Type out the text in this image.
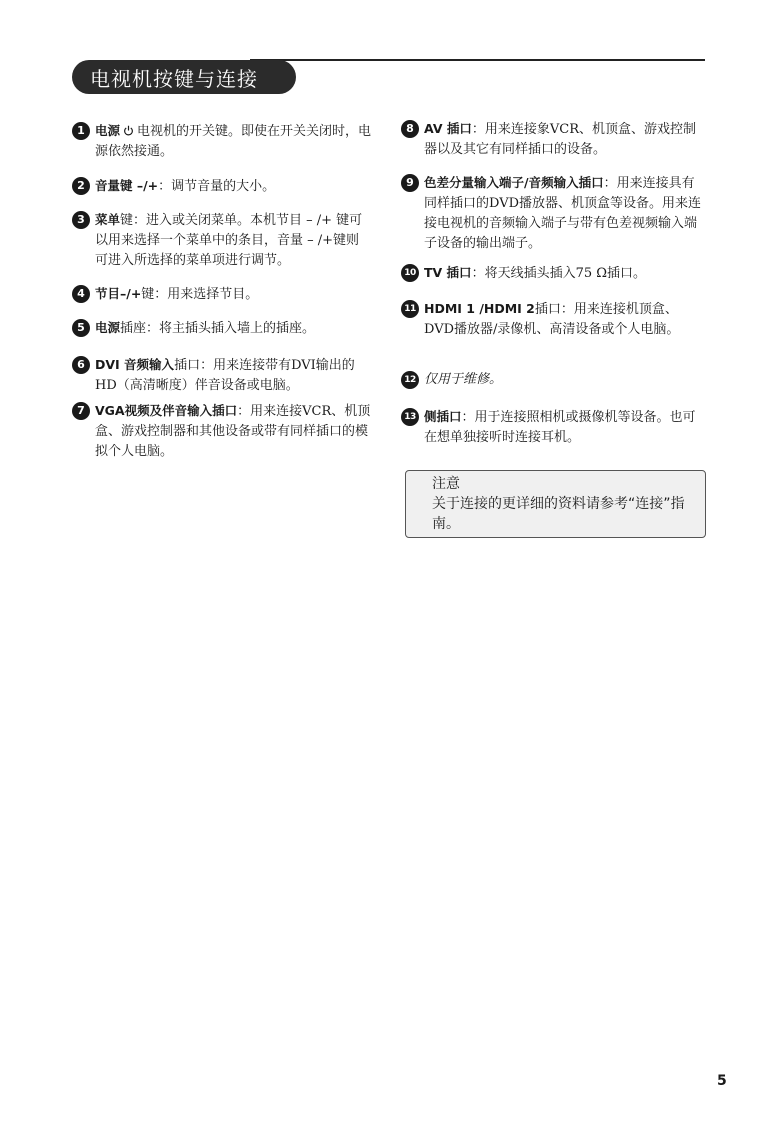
电视机按键与连接
1 电源 电视机的开关键。即使在开关关闭时，电源依然接通。
2 音量键 –/+：调节音量的大小。
3 菜单键：进入或关闭菜单。本机节目 – /+ 键可以用来选择一个菜单中的条目，音量 – /+键则可进入所选择的菜单项进行调节。
4 节目–/+键：用来选择节目。
5 电源插座：将主插头插入墙上的插座。
6 DVI 音频输入插口：用来连接带有DVI输出的HD（高清晰度）伴音设备或电脑。
7 VGA视频及伴音输入插口：用来连接VCR、机顶盒、游戏控制器和其他设备或带有同样插口的模拟个人电脑。
8 AV 插口：用来连接象VCR、机顶盒、游戏控制器以及其它有同样插口的设备。
9 色差分量输入端子/音频输入插口：用来连接具有同样插口的DVD播放器、机顶盒等设备。用来连接电视机的音频输入端子与带有色差视频输入端子设备的输出端子。
10 TV 插口：将天线插头插入75 Ω插口。
11 HDMI 1 /HDMI 2插口：用来连接机顶盒、DVD播放器/录像机、高清设备或个人电脑。
12 仅用于维修。
13 侧插口：用于连接照相机或摄像机等设备。也可在想单独接听时连接耳机。
注意
关于连接的更详细的资料请参考“连接”指南。
5
